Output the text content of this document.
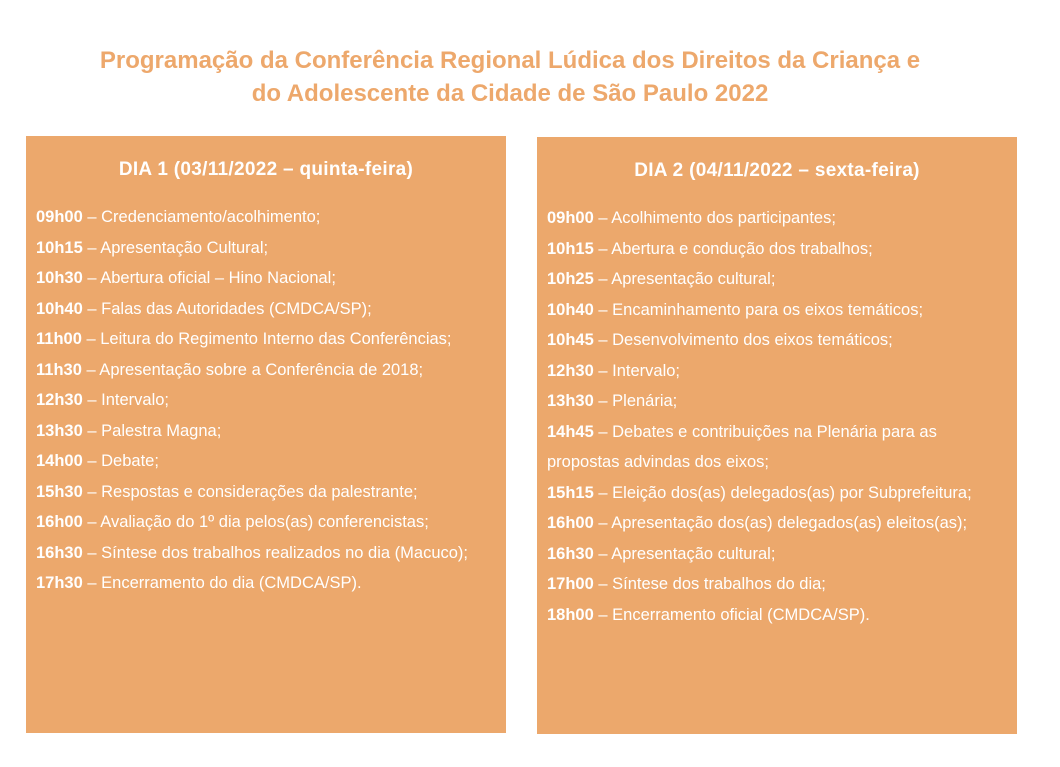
Programação da Conferência Regional Lúdica dos Direitos da Criança e
do Adolescente da Cidade de São Paulo 2022
DIA 1 (03/11/2022 – quinta-feira)
09h00 – Credenciamento/acolhimento;
10h15 – Apresentação Cultural;
10h30 – Abertura oficial – Hino Nacional;
10h40 – Falas das Autoridades (CMDCA/SP);
11h00 – Leitura do Regimento Interno das Conferências;
11h30 – Apresentação sobre a Conferência de 2018;
12h30 – Intervalo;
13h30 – Palestra Magna;
14h00 – Debate;
15h30 – Respostas e considerações da palestrante;
16h00 – Avaliação do 1º dia pelos(as) conferencistas;
16h30 – Síntese dos trabalhos realizados no dia (Macuco);
17h30 – Encerramento do dia (CMDCA/SP).
DIA 2 (04/11/2022 – sexta-feira)
09h00 – Acolhimento dos participantes;
10h15 – Abertura e condução dos trabalhos;
10h25 – Apresentação cultural;
10h40 – Encaminhamento para os eixos temáticos;
10h45 – Desenvolvimento dos eixos temáticos;
12h30 – Intervalo;
13h30 – Plenária;
14h45 – Debates e contribuições na Plenária para as propostas advindas dos eixos;
15h15 – Eleição dos(as) delegados(as) por Subprefeitura;
16h00 – Apresentação dos(as) delegados(as) eleitos(as);
16h30 – Apresentação cultural;
17h00 – Síntese dos trabalhos do dia;
18h00 – Encerramento oficial (CMDCA/SP).
